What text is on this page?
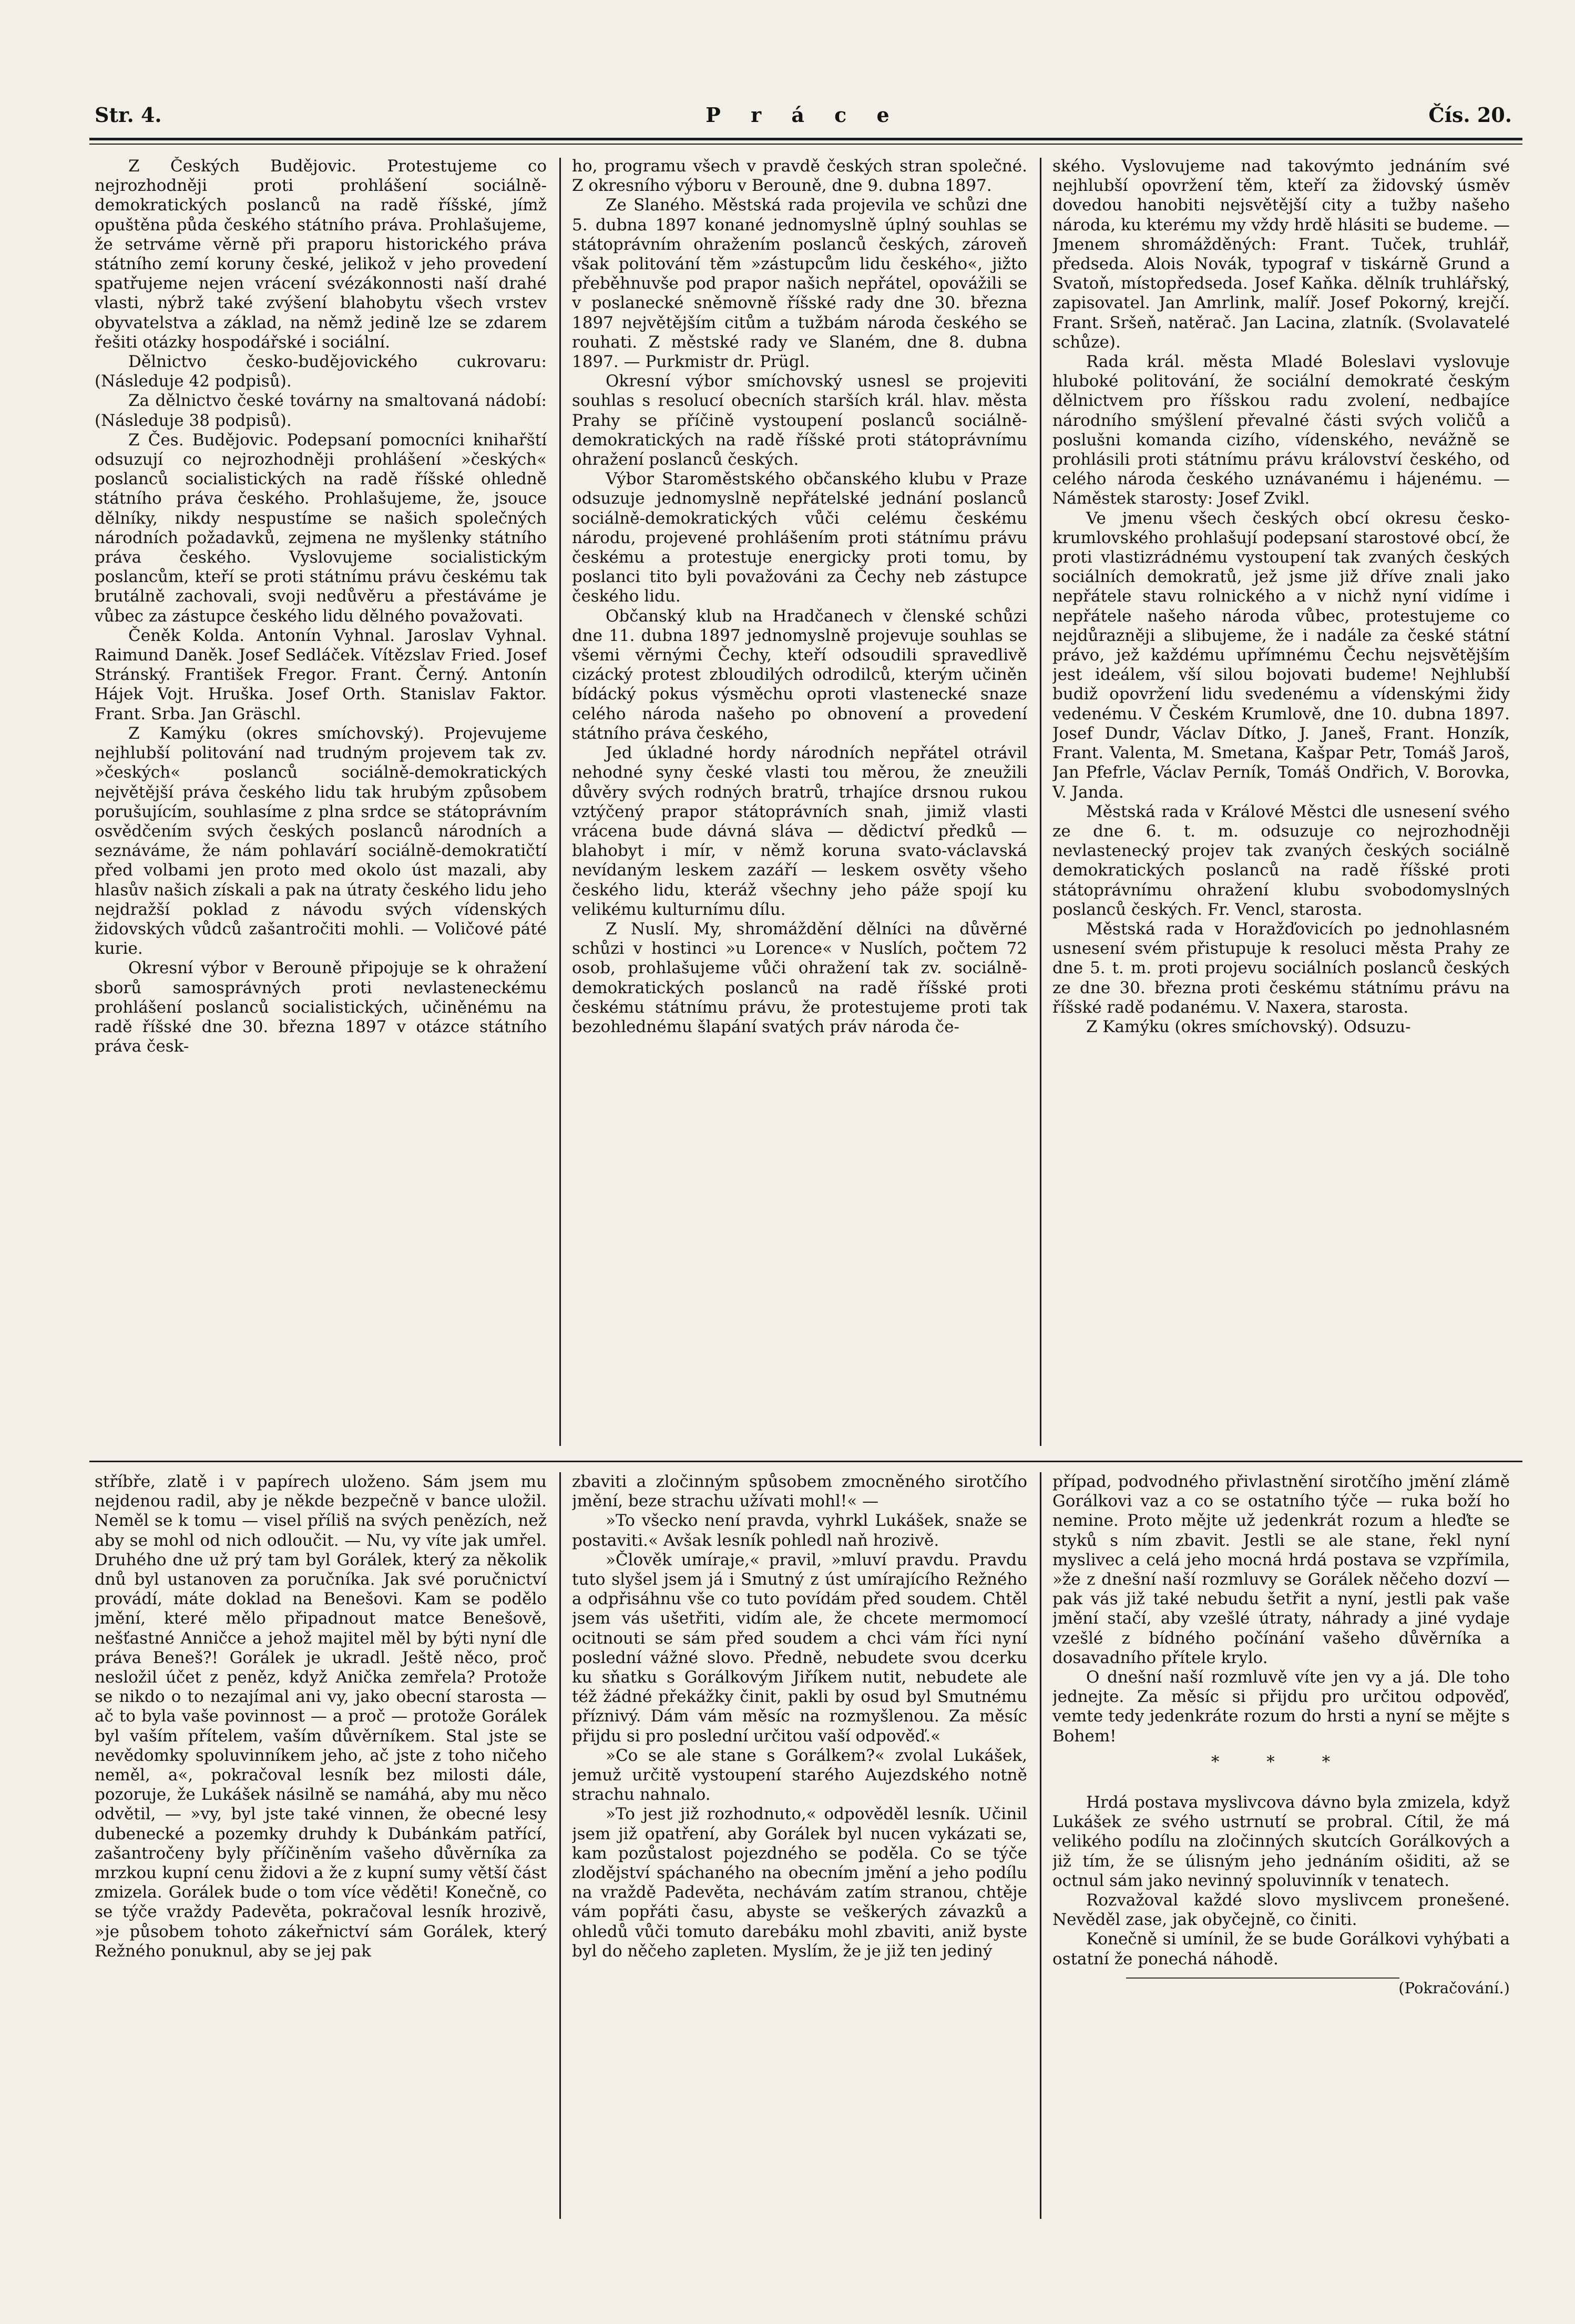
Str. 4.	P r á c e	Čís. 20.

Z Českých Budějovic. Protestujeme co nejrozhodněji proti prohlášení sociálně-demokratických poslanců na radě říšské, jímž opuštěna půda českého státního práva. Prohlašujeme, že setrváme věrně při praporu historického práva státního zemí koruny české, jelikož v jeho provedení spatřujeme nejen vrácení svézákonnosti naší drahé vlasti, nýbrž také zvýšení blahobytu všech vrstev obyvatelstva a základ, na němž jedině lze se zdarem řešiti otázky hospodářské i sociální.

Dělnictvo česko-budějovického cukrovaru: (Následuje 42 podpisů).

Za dělnictvo české továrny na smaltovaná nádobí: (Následuje 38 podpisů).

Z Čes. Budějovic. Podepsaní pomocníci knihařští odsuzují co nejrozhodněji prohlášení »českých« poslanců socialistických na radě říšské ohledně státního práva českého. Prohlašujeme, že, jsouce dělníky, nikdy nespustíme se našich společných národních požadavků, zejmena ne myšlenky státního práva českého. Vyslovujeme socialistickým poslancům, kteří se proti státnímu právu českému tak brutálně zachovali, svoji nedůvěru a přestáváme je vůbec za zástupce českého lidu dělného považovati.

Čeněk Kolda. Antonín Vyhnal. Jaroslav Vyhnal. Raimund Daněk. Josef Sedláček. Vítězslav Fried. Josef Stránský. František Fregor. Frant. Černý. Antonín Hájek Vojt. Hruška. Josef Orth. Stanislav Faktor. Frant. Srba. Jan Gräschl.

Z Kamýku (okres smíchovský). Projevujeme nejhlubší politování nad trudným projevem tak zv. »českých« poslanců sociálně-demokratických největější práva českého lidu tak hrubým způsobem porušujícím, souhlasíme z plna srdce se státoprávním osvědčením svých českých poslanců národních a seznáváme, že nám pohlavárí sociálně-demokratičtí před volbami jen proto med okolo úst mazali, aby hlasův našich získali a pak na útraty českého lidu jeho nejdražší poklad z návodu svých vídenských židovských vůdců zašantročiti mohli. — Voličové páté kurie.

Okresní výbor v Berouně připojuje se k ohražení sborů samosprávných proti nevlasteneckému prohlášení poslanců socialistických, učiněnému na radě říšské dne 30. března 1897 v otázce státního práva česk-

ho, programu všech v pravdě českých stran společné. Z okresního výboru v Berouně, dne 9. dubna 1897.

Ze Slaného. Městská rada projevila ve schůzi dne 5. dubna 1897 konané jednomyslně úplný souhlas se státoprávním ohražením poslanců českých, zároveň však politování těm »zástupcům lidu českého«, jižto přeběhnuvše pod prapor našich nepřátel, opovážili se v poslanecké sněmovně říšské rady dne 30. března 1897 největějším citům a tužbám národa českého se rouhati. Z městské rady ve Slaném, dne 8. dubna 1897. — Purkmistr dr. Prügl.

Okresní výbor smíchovský usnesl se projeviti souhlas s resolucí obecních starších král. hlav. města Prahy se příčině vystoupení poslanců sociálně-demokratických na radě říšské proti státoprávnímu ohražení poslanců českých.

Výbor Staroměstského občanského klubu v Praze odsuzuje jednomyslně nepřátelské jednání poslanců sociálně-demokratických vůči celému českému národu, projevené prohlášením proti státnímu právu českému a protestuje energicky proti tomu, by poslanci tito byli považováni za Čechy neb zástupce českého lidu.

Občanský klub na Hradčanech v členské schůzi dne 11. dubna 1897 jednomyslně projevuje souhlas se všemi věrnými Čechy, kteří odsoudili spravedlivě cizácký protest zbloudilých odrodilců, kterým učiněn bídácký pokus výsměchu oproti vlastenecké snaze celého národa našeho po obnovení a provedení státního práva českého,

Jed úkladné hordy národních nepřátel otrávil nehodné syny české vlasti tou měrou, že zneužili důvěry svých rodných bratrů, trhajíce drsnou rukou vztýčený prapor státoprávních snah, jimiž vlasti vrácena bude dávná sláva — dědictví předků — blahobyt i mír, v němž koruna svato-václavská nevídaným leskem zazáří — leskem osvěty všeho českého lidu, kteráž všechny jeho páže spojí ku velikému kulturnímu dílu.

Z Nuslí. My, shromáždění dělníci na důvěrné schůzi v hostinci »u Lorence« v Nuslích, počtem 72 osob, prohlašujeme vůči ohražení tak zv. sociálně-demokratických poslanců na radě říšské proti českému státnímu právu, že protestujeme proti tak bezohlednému šlapání svatých práv národa če-

ského. Vyslovujeme nad takovýmto jednáním své nejhlubší opovržení těm, kteří za židovský úsměv dovedou hanobiti nejsvětější city a tužby našeho národa, ku kterému my vždy hrdě hlásiti se budeme. — Jmenem shromážděných: Frant. Tuček, truhlář, předseda. Alois Novák, typograf v tiskárně Grund a Svatoň, místopředseda. Josef Kaňka. dělník truhlářský, zapisovatel. Jan Amrlink, malíř. Josef Pokorný, krejčí. Frant. Sršeň, natěrač. Jan Lacina, zlatník. (Svolavatelé schůze).

Rada král. města Mladé Boleslavi vyslovuje hluboké politování, že sociální demokraté českým dělnictvem pro říšskou radu zvolení, nedbajíce národního smýšlení převalné části svých voličů a poslušni komanda cizího, vídenského, nevážně se prohlásili proti státnímu právu království českého, od celého národa českého uznávanému i hájenému. — Náměstek starosty: Josef Zvikl.

Ve jmenu všech českých obcí okresu česko-krumlovského prohlašují podepsaní starostové obcí, že proti vlastizrádnému vystoupení tak zvaných českých sociálních demokratů, jež jsme již dříve znali jako nepřátele stavu rolnického a v nichž nyní vidíme i nepřátele našeho národa vůbec, protestujeme co nejdůrazněji a slibujeme, že i nadále za české státní právo, jež každému upřímnému Čechu nejsvětějším jest ideálem, vší silou bojovati budeme! Nejhlubší budiž opovržení lidu svedenému a vídenskými židy vedenému. V Českém Krumlově, dne 10. dubna 1897. Josef Dundr, Václav Dítko, J. Janeš, Frant. Honzík, Frant. Valenta, M. Smetana, Kašpar Petr, Tomáš Jaroš, Jan Pfefrle, Václav Perník, Tomáš Ondřich, V. Borovka, V. Janda.

Městská rada v Králové Městci dle usnesení svého ze dne 6. t. m. odsuzuje co nejrozhodněji nevlastenecký projev tak zvaných českých sociálně demokratických poslanců na radě říšské proti státoprávnímu ohražení klubu svobodomyslných poslanců českých. Fr. Vencl, starosta.

Městská rada v Horažďovicích po jednohlasném usnesení svém přistupuje k resoluci města Prahy ze dne 5. t. m. proti projevu sociálních poslanců českých ze dne 30. března proti českému státnímu právu na říšské radě podanému. V. Naxera, starosta.

Z Kamýku (okres smíchovský). Odsuzu-

stříbře, zlatě i v papírech uloženo. Sám jsem mu nejdenou radil, aby je někde bezpečně v bance uložil. Neměl se k tomu — visel příliš na svých penězích, než aby se mohl od nich odloučit. — Nu, vy víte jak umřel. Druhého dne už prý tam byl Gorálek, který za několik dnů byl ustanoven za poručníka. Jak své poručnictví provádí, máte doklad na Benešovi. Kam se podělo jmění, které mělo připadnout matce Benešově, nešťastné Anničce a jehož majitel měl by býti nyní dle práva Beneš?! Gorálek je ukradl. Ještě něco, proč nesložil účet z peněz, když Anička zemřela? Protože se nikdo o to nezajímal ani vy, jako obecní starosta — ač to byla vaše povinnost — a proč — protože Gorálek byl vaším přítelem, vaším důvěrníkem. Stal jste se nevědomky spoluvinníkem jeho, ač jste z toho ničeho neměl, a«, pokračoval lesník bez milosti dále, pozoruje, že Lukášek násilně se namáhá, aby mu něco odvětil, — »vy, byl jste také vinnen, že obecné lesy dubenecké a pozemky druhdy k Dubánkám patřící, zašantročeny byly příčiněním vašeho důvěrníka za mrzkou kupní cenu židovi a že z kupní sumy větší část zmizela. Gorálek bude o tom více věděti! Konečně, co se týče vraždy Padevěta, pokračoval lesník hrozivě, »je působem tohoto zákeřnictví sám Gorálek, který Režného ponuknul, aby se jej pak

zbaviti a zločinným spůsobem zmocněného sirotčího jmění, beze strachu užívati mohl!« —

»To všecko není pravda, vyhrkl Lukášek, snaže se postaviti.« Avšak lesník pohledl naň hrozivě.

»Člověk umíraje,« pravil, »mluví pravdu. Pravdu tuto slyšel jsem já i Smutný z úst umírajícího Režného a odpřisáhnu vše co tuto povídám před soudem. Chtěl jsem vás ušetřiti, vidím ale, že chcete mermomocí ocitnouti se sám před soudem a chci vám říci nyní poslední vážné slovo. Předně, nebudete svou dcerku ku sňatku s Gorálkovým Jiříkem nutit, nebudete ale též žádné překážky činit, pakli by osud byl Smutnému příznivý. Dám vám měsíc na rozmyšlenou. Za měsíc přijdu si pro poslední určitou vaší odpověď.«

»Co se ale stane s Gorálkem?« zvolal Lukášek, jemuž určitě vystoupení starého Aujezdského notně strachu nahnalo.

»To jest již rozhodnuto,« odpověděl lesník. Učinil jsem již opatření, aby Gorálek byl nucen vykázati se, kam pozůstalost pojezdného se poděla. Co se týče zlodějství spáchaného na obecním jmění a jeho podílu na vraždě Padevěta, nechávám zatím stranou, chtěje vám popřáti času, abyste se veškerých závazků a ohledů vůči tomuto darebáku mohl zbaviti, aniž byste byl do něčeho zapleten. Myslím, že je již ten jediný

případ, podvodného přivlastnění sirotčího jmění zlámě Gorálkovi vaz a co se ostatního týče — ruka boží ho nemine. Proto mějte už jedenkrát rozum a hleďte se styků s ním zbavit. Jestli se ale stane, řekl nyní myslivec a celá jeho mocná hrdá postava se vzpřímila, »že z dnešní naší rozmluvy se Gorálek něčeho dozví — pak vás již také nebudu šetřit a nyní, jestli pak vaše jmění stačí, aby vzešlé útraty, náhrady a jiné vydaje vzešlé z bídného počínání vašeho důvěrníka a dosavadního přítele krylo.

O dnešní naší rozmluvě víte jen vy a já. Dle toho jednejte. Za měsíc si přijdu pro určitou odpověď, vemte tedy jedenkráte rozum do hrsti a nyní se mějte s Bohem!

* * *

Hrdá postava myslivcova dávno byla zmizela, když Lukášek ze svého ustrnutí se probral. Cítil, že má velikého podílu na zločinných skutcích Gorálkových a již tím, že se úlisným jeho jednáním ošiditi, až se octnul sám jako nevinný spoluvinník v tenatech.

Rozvažoval každé slovo myslivcem pronešené. Nevěděl zase, jak obyčejně, co činiti.

Konečně si umínil, že se bude Gorálkovi vyhýbati a ostatní že ponechá náhodě.

(Pokračování.)
